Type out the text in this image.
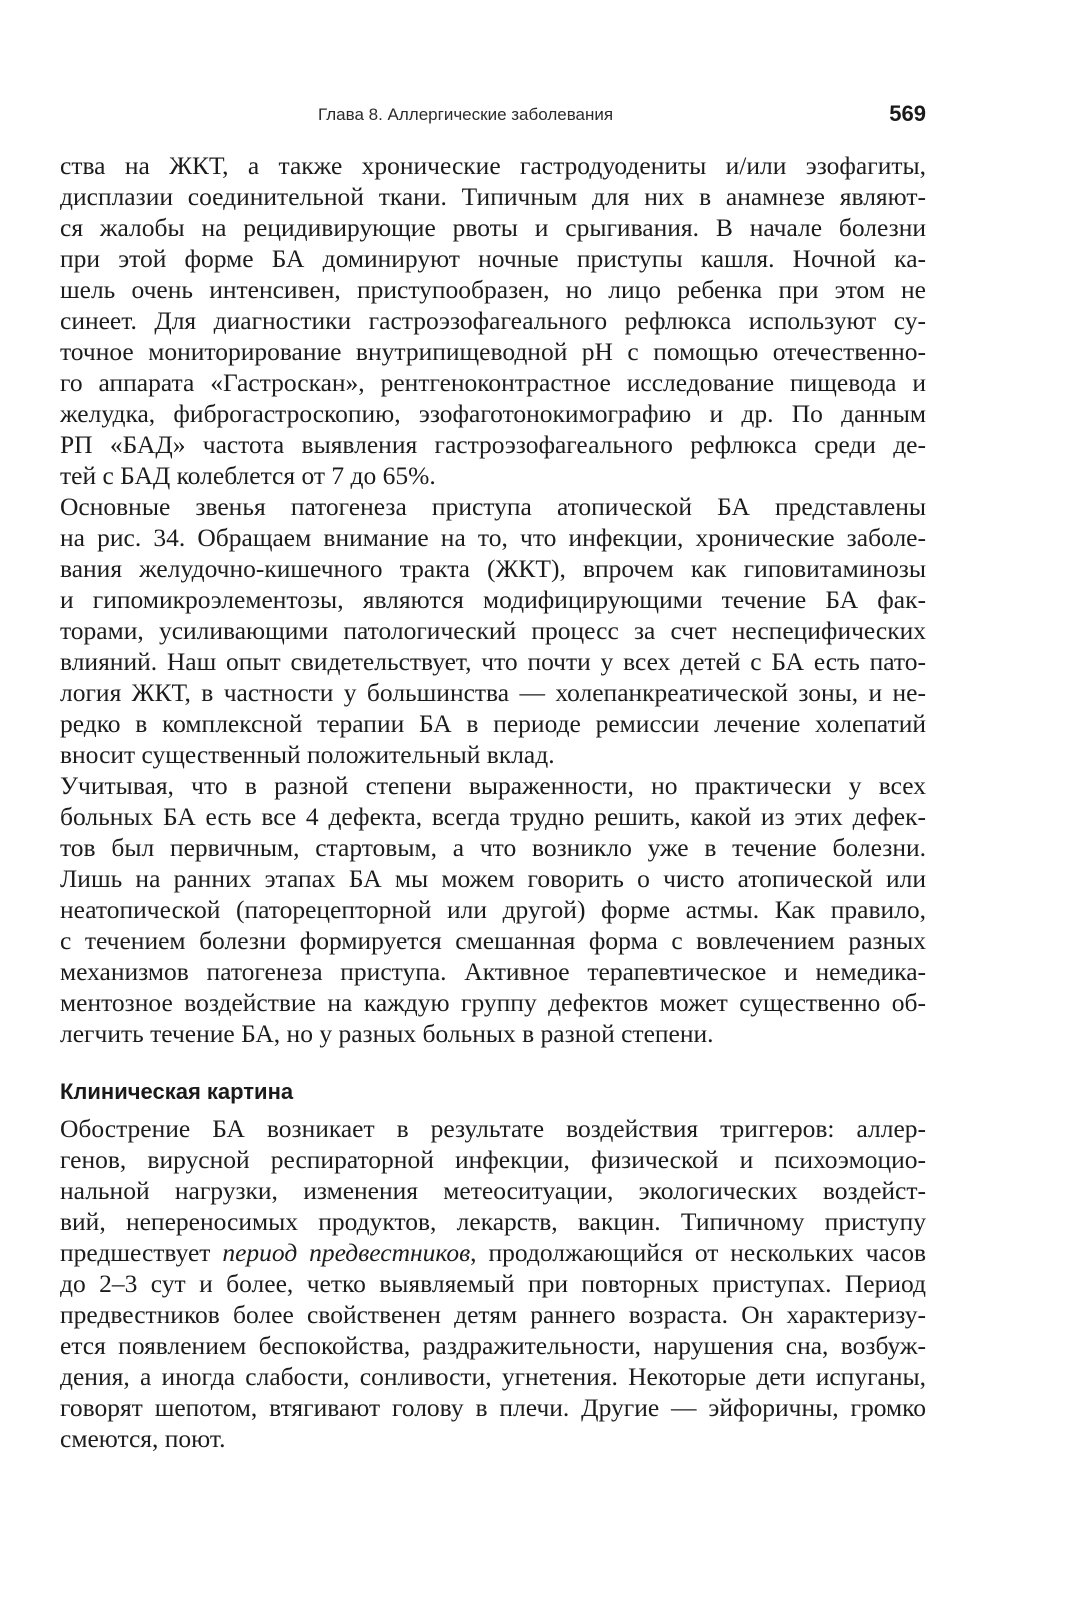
Глава 8. Аллергические заболевания	569

ства на ЖКТ, а также хронические гастродуодениты и/или эзофагиты,
дисплазии соединительной ткани. Типичным для них в анамнезе являют-
ся жалобы на рецидивирующие рвоты и срыгивания. В начале болезни
при этой форме БА доминируют ночные приступы кашля. Ночной ка-
шель очень интенсивен, приступообразен, но лицо ребенка при этом не
синеет. Для диагностики гастроэзофагеального рефлюкса используют су-
точное мониторирование внутрипищеводной pH с помощью отечественно-
го аппарата «Гастроскан», рентгеноконтрастное исследование пищевода и
желудка, фиброгастроскопию, эзофаготонокимографию и др. По данным
РП «БАД» частота выявления гастроэзофагеального рефлюкса среди де-
тей с БАД колеблется от 7 до 65%.

Основные звенья патогенеза приступа атопической БА представлены
на рис. 34. Обращаем внимание на то, что инфекции, хронические заболе-
вания желудочно-кишечного тракта (ЖКТ), впрочем как гиповитаминозы
и гипомикроэлементозы, являются модифицирующими течение БА фак-
торами, усиливающими патологический процесс за счет неспецифических
влияний. Наш опыт свидетельствует, что почти у всех детей с БА есть пато-
логия ЖКТ, в частности у большинства — холепанкреатической зоны, и не-
редко в комплексной терапии БА в периоде ремиссии лечение холепатий
вносит существенный положительный вклад.

Учитывая, что в разной степени выраженности, но практически у всех
больных БА есть все 4 дефекта, всегда трудно решить, какой из этих дефек-
тов был первичным, стартовым, а что возникло уже в течение болезни.
Лишь на ранних этапах БА мы можем говорить о чисто атопической или
неатопической (паторецепторной или другой) форме астмы. Как правило,
с течением болезни формируется смешанная форма с вовлечением разных
механизмов патогенеза приступа. Активное терапевтическое и немедика-
ментозное воздействие на каждую группу дефектов может существенно об-
легчить течение БА, но у разных больных в разной степени.

Клиническая картина

Обострение БА возникает в результате воздействия триггеров: аллер-
генов, вирусной респираторной инфекции, физической и психоэмоцио-
нальной нагрузки, изменения метеоситуации, экологических воздейст-
вий, непереносимых продуктов, лекарств, вакцин. Типичному приступу
предшествует период предвестников, продолжающийся от нескольких часов
до 2–3 сут и более, четко выявляемый при повторных приступах. Период
предвестников более свойственен детям раннего возраста. Он характеризу-
ется появлением беспокойства, раздражительности, нарушения сна, возбуж-
дения, а иногда слабости, сонливости, угнетения. Некоторые дети испуганы,
говорят шепотом, втягивают голову в плечи. Другие — эйфоричны, громко
смеются, поют.
